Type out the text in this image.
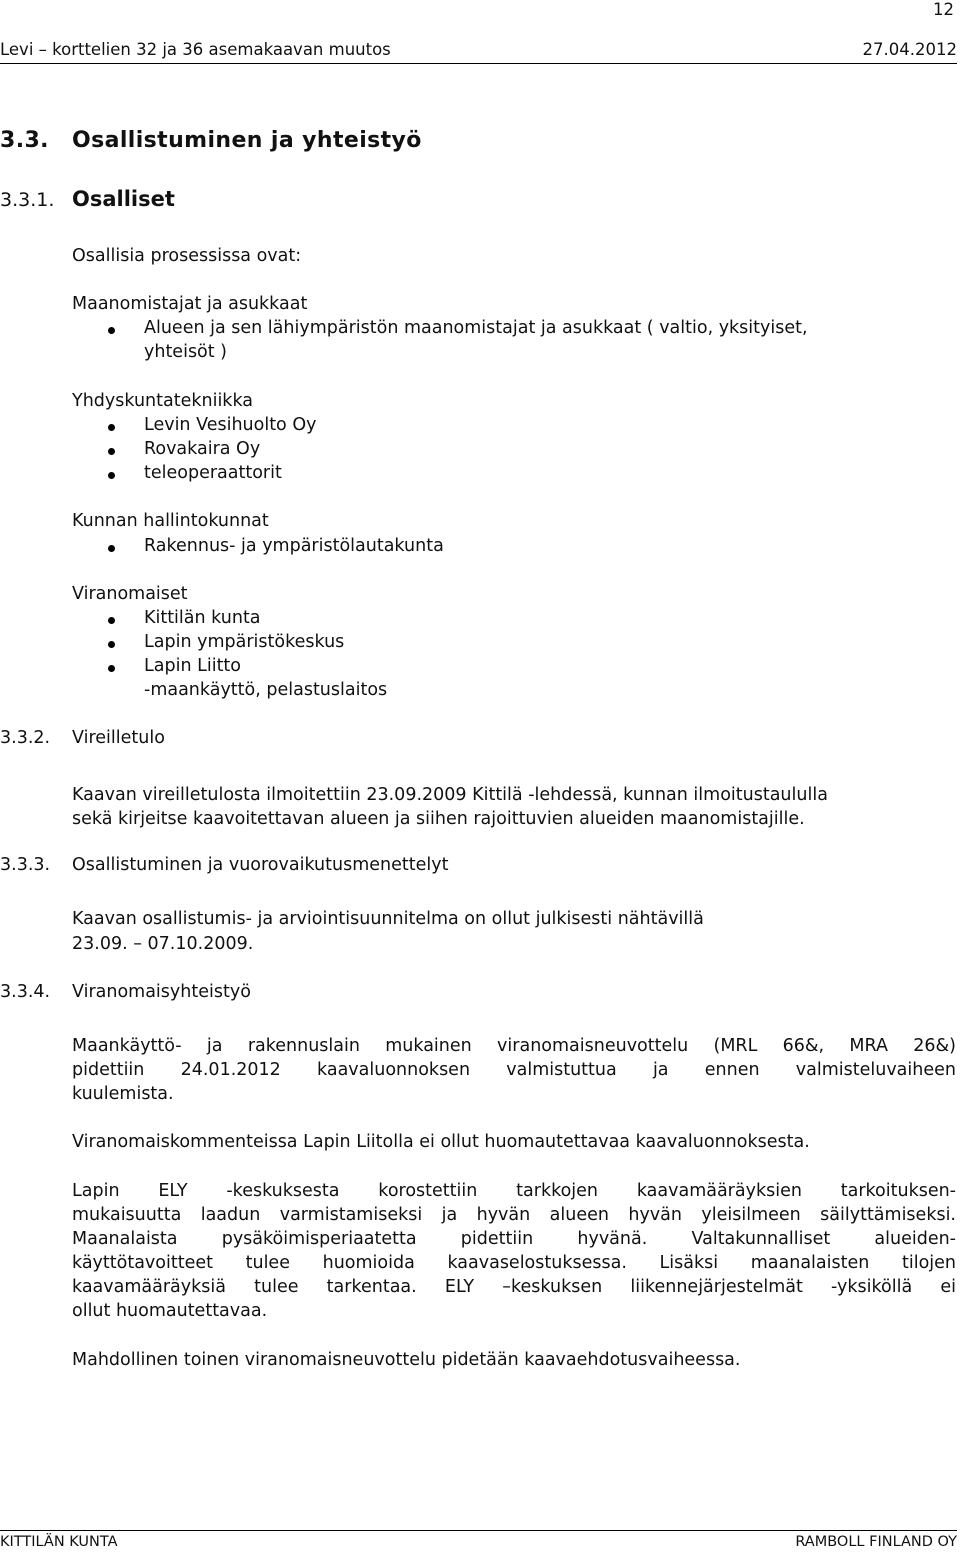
12
Levi – korttelien 32 ja 36 asemakaavan muutos	27.04.2012
3.3. Osallistuminen ja yhteistyö
3.3.1. Osalliset
Osallisia prosessissa ovat:
Maanomistajat ja asukkaat
Alueen ja sen lähiympäristön maanomistajat ja asukkaat ( valtio, yksityiset,
yhteisöt )
Yhdyskuntatekniikka
Levin Vesihuolto Oy
Rovakaira Oy
teleoperaattorit
Kunnan hallintokunnat
Rakennus- ja ympäristölautakunta
Viranomaiset
Kittilän kunta
Lapin ympäristökeskus
Lapin Liitto
-maankäyttö, pelastuslaitos
3.3.2. Vireilletulo
Kaavan vireilletulosta ilmoitettiin 23.09.2009 Kittilä -lehdessä, kunnan ilmoitustaululla
sekä kirjeitse kaavoitettavan alueen ja siihen rajoittuvien alueiden maanomistajille.
3.3.3. Osallistuminen ja vuorovaikutusmenettelyt
Kaavan osallistumis- ja arviointisuunnitelma on ollut julkisesti nähtävillä
23.09. – 07.10.2009.
3.3.4. Viranomaisyhteistyö
Maankäyttö- ja rakennuslain mukainen viranomaisneuvottelu (MRL 66&, MRA 26&)
pidettiin 24.01.2012 kaavaluonnoksen valmistuttua ja ennen valmisteluvaiheen
kuulemista.
Viranomaiskommenteissa Lapin Liitolla ei ollut huomautettavaa kaavaluonnoksesta.
Lapin ELY -keskuksesta korostettiin tarkkojen kaavamääräyksien tarkoituksen-
mukaisuutta laadun varmistamiseksi ja hyvän alueen hyvän yleisilmeen säilyttämiseksi.
Maanalaista pysäköimisperiaatetta pidettiin hyvänä. Valtakunnalliset alueiden-
käyttötavoitteet tulee huomioida kaavaselostuksessa. Lisäksi maanalaisten tilojen
kaavamääräyksiä tulee tarkentaa. ELY –keskuksen liikennejärjestelmät -yksiköllä ei
ollut huomautettavaa.
Mahdollinen toinen viranomaisneuvottelu pidetään kaavaehdotusvaiheessa.
KITTILÄN KUNTA	RAMBOLL FINLAND OY
